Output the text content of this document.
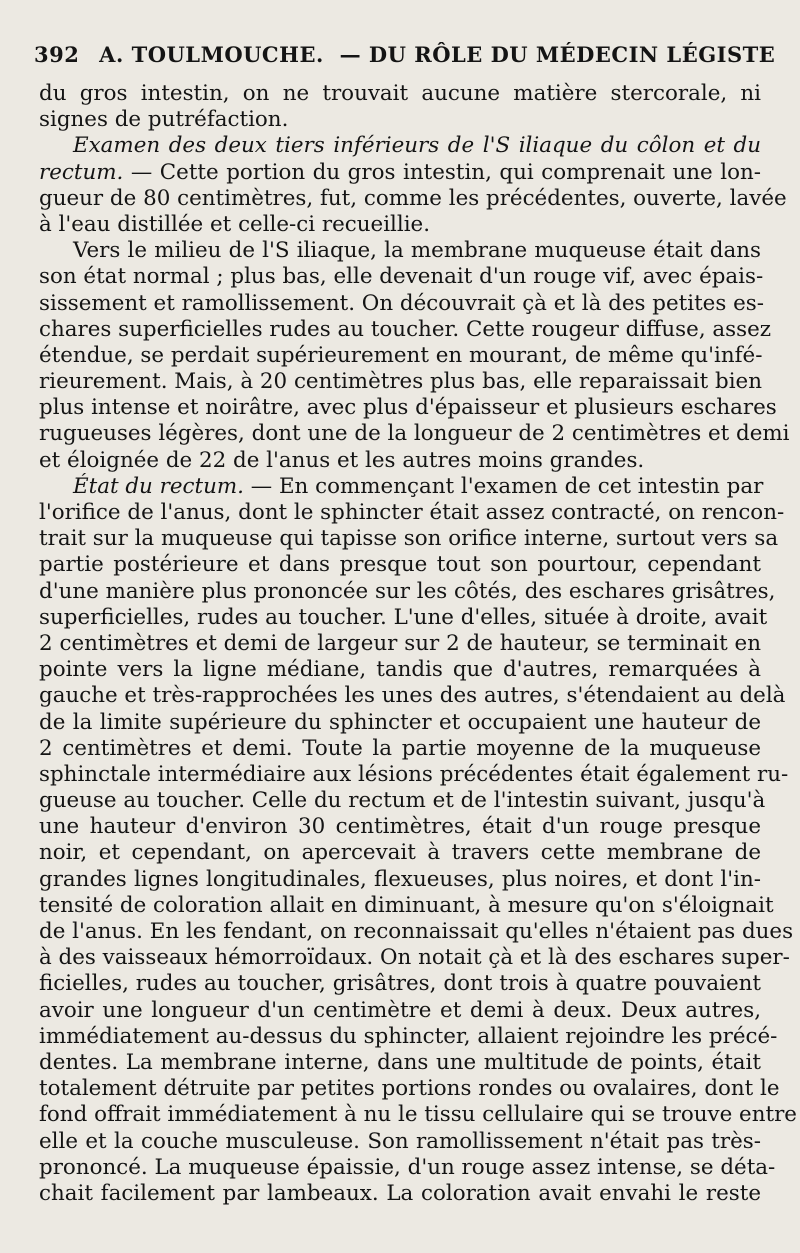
392 A. TOULMOUCHE. — DU RÔLE DU MÉDECIN LÉGISTE
du gros intestin, on ne trouvait aucune matière stercorale, ni
signes de putréfaction.
Examen des deux tiers inférieurs de l'S iliaque du côlon et du
rectum. — Cette portion du gros intestin, qui comprenait une lon-
gueur de 80 centimètres, fut, comme les précédentes, ouverte, lavée
à l'eau distillée et celle-ci recueillie.
Vers le milieu de l'S iliaque, la membrane muqueuse était dans
son état normal ; plus bas, elle devenait d'un rouge vif, avec épais-
sissement et ramollissement. On découvrait çà et là des petites es-
chares superficielles rudes au toucher. Cette rougeur diffuse, assez
étendue, se perdait supérieurement en mourant, de même qu'infé-
rieurement. Mais, à 20 centimètres plus bas, elle reparaissait bien
plus intense et noirâtre, avec plus d'épaisseur et plusieurs eschares
rugueuses légères, dont une de la longueur de 2 centimètres et demi
et éloignée de 22 de l'anus et les autres moins grandes.
État du rectum. — En commençant l'examen de cet intestin par
l'orifice de l'anus, dont le sphincter était assez contracté, on rencon-
trait sur la muqueuse qui tapisse son orifice interne, surtout vers sa
partie postérieure et dans presque tout son pourtour, cependant
d'une manière plus prononcée sur les côtés, des eschares grisâtres,
superficielles, rudes au toucher. L'une d'elles, située à droite, avait
2 centimètres et demi de largeur sur 2 de hauteur, se terminait en
pointe vers la ligne médiane, tandis que d'autres, remarquées à
gauche et très-rapprochées les unes des autres, s'étendaient au delà
de la limite supérieure du sphincter et occupaient une hauteur de
2 centimètres et demi. Toute la partie moyenne de la muqueuse
sphinctale intermédiaire aux lésions précédentes était également ru-
gueuse au toucher. Celle du rectum et de l'intestin suivant, jusqu'à
une hauteur d'environ 30 centimètres, était d'un rouge presque
noir, et cependant, on apercevait à travers cette membrane de
grandes lignes longitudinales, flexueuses, plus noires, et dont l'in-
tensité de coloration allait en diminuant, à mesure qu'on s'éloignait
de l'anus. En les fendant, on reconnaissait qu'elles n'étaient pas dues
à des vaisseaux hémorroïdaux. On notait çà et là des eschares super-
ficielles, rudes au toucher, grisâtres, dont trois à quatre pouvaient
avoir une longueur d'un centimètre et demi à deux. Deux autres,
immédiatement au-dessus du sphincter, allaient rejoindre les précé-
dentes. La membrane interne, dans une multitude de points, était
totalement détruite par petites portions rondes ou ovalaires, dont le
fond offrait immédiatement à nu le tissu cellulaire qui se trouve entre
elle et la couche musculeuse. Son ramollissement n'était pas très-
prononcé. La muqueuse épaissie, d'un rouge assez intense, se déta-
chait facilement par lambeaux. La coloration avait envahi le reste
